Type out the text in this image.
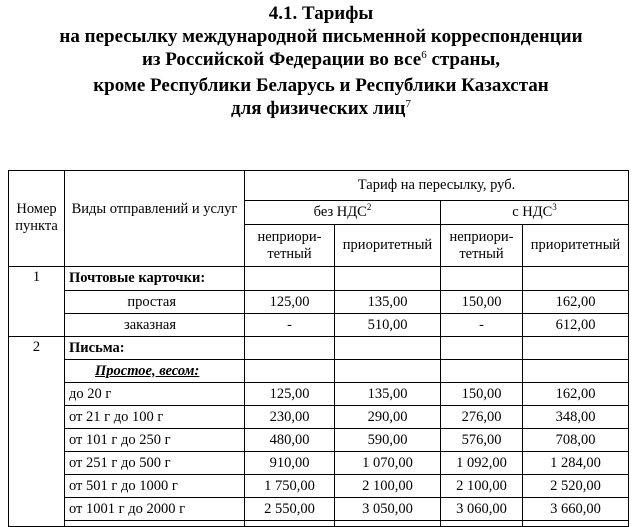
4.1. Тарифы
на пересылку международной письменной корреспонденции
из Российской Федерации во все$^6$ страны,
кроме Республики Беларусь и Республики Казахстан
для физических лиц$^7$
Номер пункта	Виды отправлений и услуг	Тариф на пересылку, руб.			
		без НДС$^2$		с НДС$^3$
		неприори-тетный	приоритетный	неприори-тетный	приоритетный
1	Почтовые карточки:				
	простая	125,00	135,00	150,00	162,00
	заказная	-	510,00	-	612,00
2	Письма:				
	Простое, весом:				
	до 20 г	125,00	135,00	150,00	162,00
	от 21 г до 100 г	230,00	290,00	276,00	348,00
	от 101 г до 250 г	480,00	590,00	576,00	708,00
	от 251 г до 500 г	910,00	1 070,00	1 092,00	1 284,00
	от 501 г до 1000 г	1 750,00	2 100,00	2 100,00	2 520,00
	от 1001 г до 2000 г	2 550,00	3 050,00	3 060,00	3 660,00
